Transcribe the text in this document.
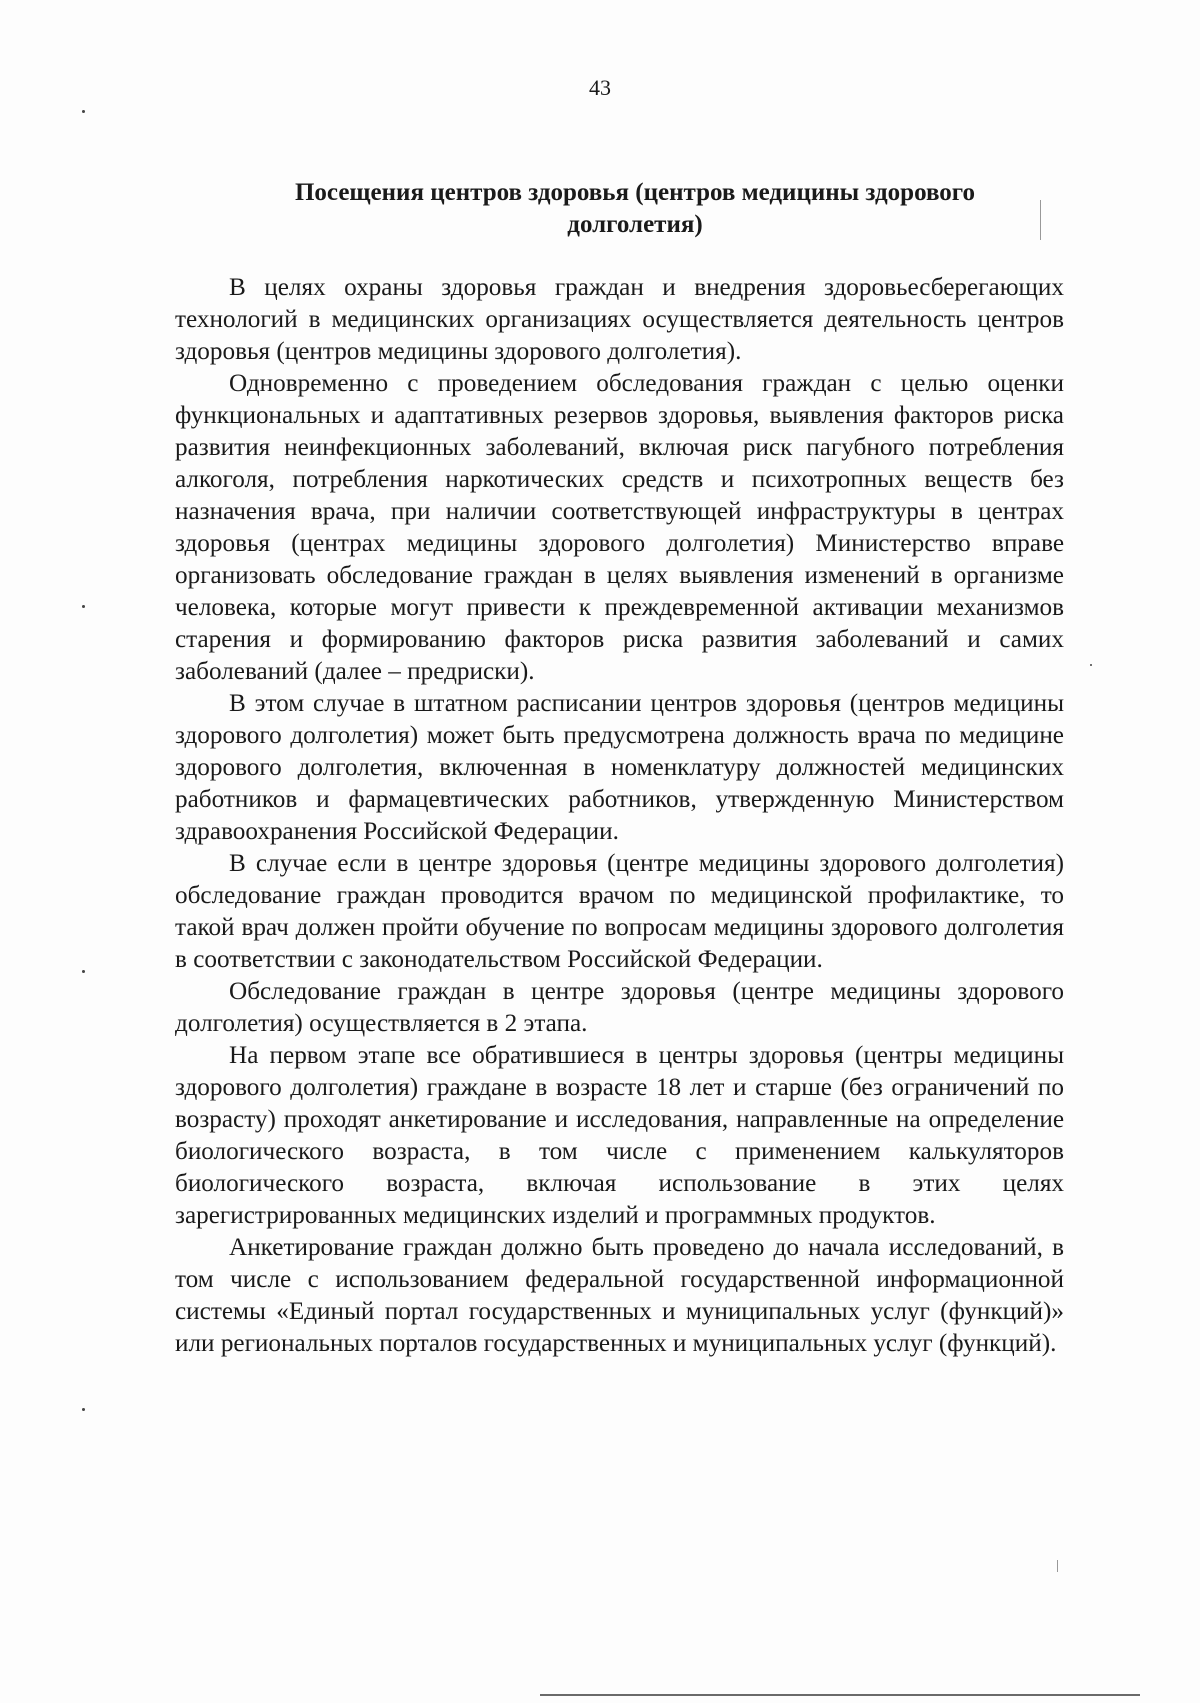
43
Посещения центров здоровья (центров медицины здорового
долголетия)

В целях охраны здоровья граждан и внедрения здоровьесберегающих технологий в медицинских организациях осуществляется деятельность центров здоровья (центров медицины здорового долголетия).

Одновременно с проведением обследования граждан с целью оценки функциональных и адаптативных резервов здоровья, выявления факторов риска развития неинфекционных заболеваний, включая риск пагубного потребления алкоголя, потребления наркотических средств и психотропных веществ без назначения врача, при наличии соответствующей инфраструктуры в центрах здоровья (центрах медицины здорового долголетия) Министерство вправе организовать обследование граждан в целях выявления изменений в организме человека, которые могут привести к преждевременной активации механизмов старения и формированию факторов риска развития заболеваний и самих заболеваний (далее – предриски).

В этом случае в штатном расписании центров здоровья (центров медицины здорового долголетия) может быть предусмотрена должность врача по медицине здорового долголетия, включенная в номенклатуру должностей медицинских работников и фармацевтических работников, утвержденную Министерством здравоохранения Российской Федерации.

В случае если в центре здоровья (центре медицины здорового долголетия) обследование граждан проводится врачом по медицинской профилактике, то такой врач должен пройти обучение по вопросам медицины здорового долголетия в соответствии с законодательством Российской Федерации.

Обследование граждан в центре здоровья (центре медицины здорового долголетия) осуществляется в 2 этапа.

На первом этапе все обратившиеся в центры здоровья (центры медицины здорового долголетия) граждане в возрасте 18 лет и старше (без ограничений по возрасту) проходят анкетирование и исследования, направленные на определение биологического возраста, в том числе с применением калькуляторов биологического возраста, включая использование в этих целях зарегистрированных медицинских изделий и программных продуктов.

Анкетирование граждан должно быть проведено до начала исследований, в том числе с использованием федеральной государственной информационной системы «Единый портал государственных и муниципальных услуг (функций)» или региональных порталов государственных и муниципальных услуг (функций).
